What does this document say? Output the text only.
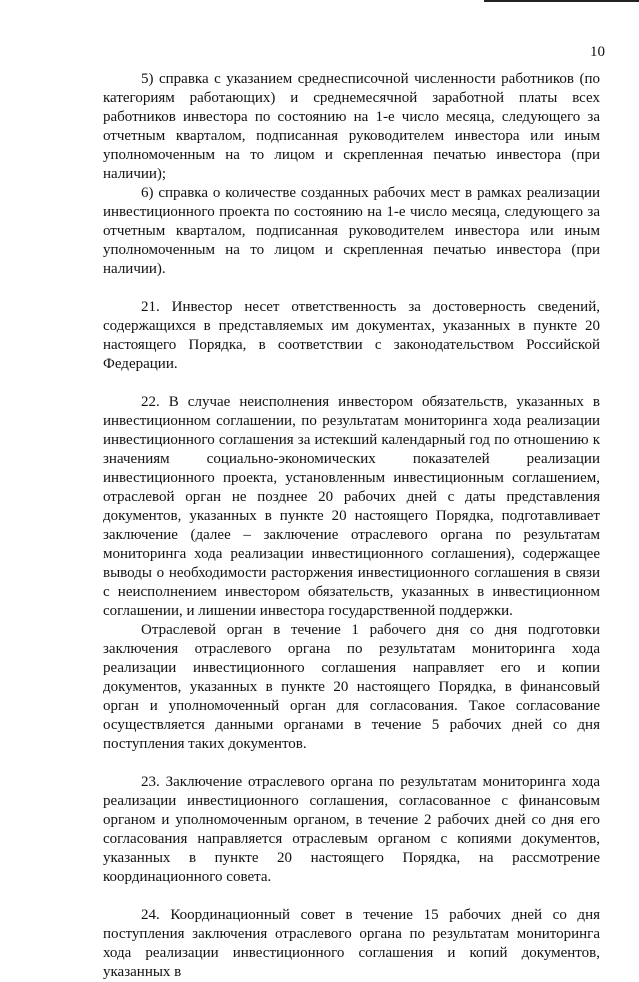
10

5) справка с указанием среднесписочной численности работников (по категориям работающих) и среднемесячной заработной платы всех работников инвестора по состоянию на 1-е число месяца, следующего за отчетным кварталом, подписанная руководителем инвестора или иным уполномоченным на то лицом и скрепленная печатью инвестора (при наличии);

6) справка о количестве созданных рабочих мест в рамках реализации инвестиционного проекта по состоянию на 1-е число месяца, следующего за отчетным кварталом, подписанная руководителем инвестора или иным уполномоченным на то лицом и скрепленная печатью инвестора (при наличии).

21. Инвестор несет ответственность за достоверность сведений, содержащихся в представляемых им документах, указанных в пункте 20 настоящего Порядка, в соответствии с законодательством Российской Федерации.

22. В случае неисполнения инвестором обязательств, указанных в инвестиционном соглашении, по результатам мониторинга хода реализации инвестиционного соглашения за истекший календарный год по отношению к значениям социально-экономических показателей реализации инвестиционного проекта, установленным инвестиционным соглашением, отраслевой орган не позднее 20 рабочих дней с даты представления документов, указанных в пункте 20 настоящего Порядка, подготавливает заключение (далее – заключение отраслевого органа по результатам мониторинга хода реализации инвестиционного соглашения), содержащее выводы о необходимости расторжения инвестиционного соглашения в связи с неисполнением инвестором обязательств, указанных в инвестиционном соглашении, и лишении инвестора государственной поддержки.

Отраслевой орган в течение 1 рабочего дня со дня подготовки заключения отраслевого органа по результатам мониторинга хода реализации инвестиционного соглашения направляет его и копии документов, указанных в пункте 20 настоящего Порядка, в финансовый орган и уполномоченный орган для согласования. Такое согласование осуществляется данными органами в течение 5 рабочих дней со дня поступления таких документов.

23. Заключение отраслевого органа по результатам мониторинга хода реализации инвестиционного соглашения, согласованное с финансовым органом и уполномоченным органом, в течение 2 рабочих дней со дня его согласования направляется отраслевым органом с копиями документов, указанных в пункте 20 настоящего Порядка, на рассмотрение координационного совета.

24. Координационный совет в течение 15 рабочих дней со дня поступления заключения отраслевого органа по результатам мониторинга хода реализации инвестиционного соглашения и копий документов, указанных в
